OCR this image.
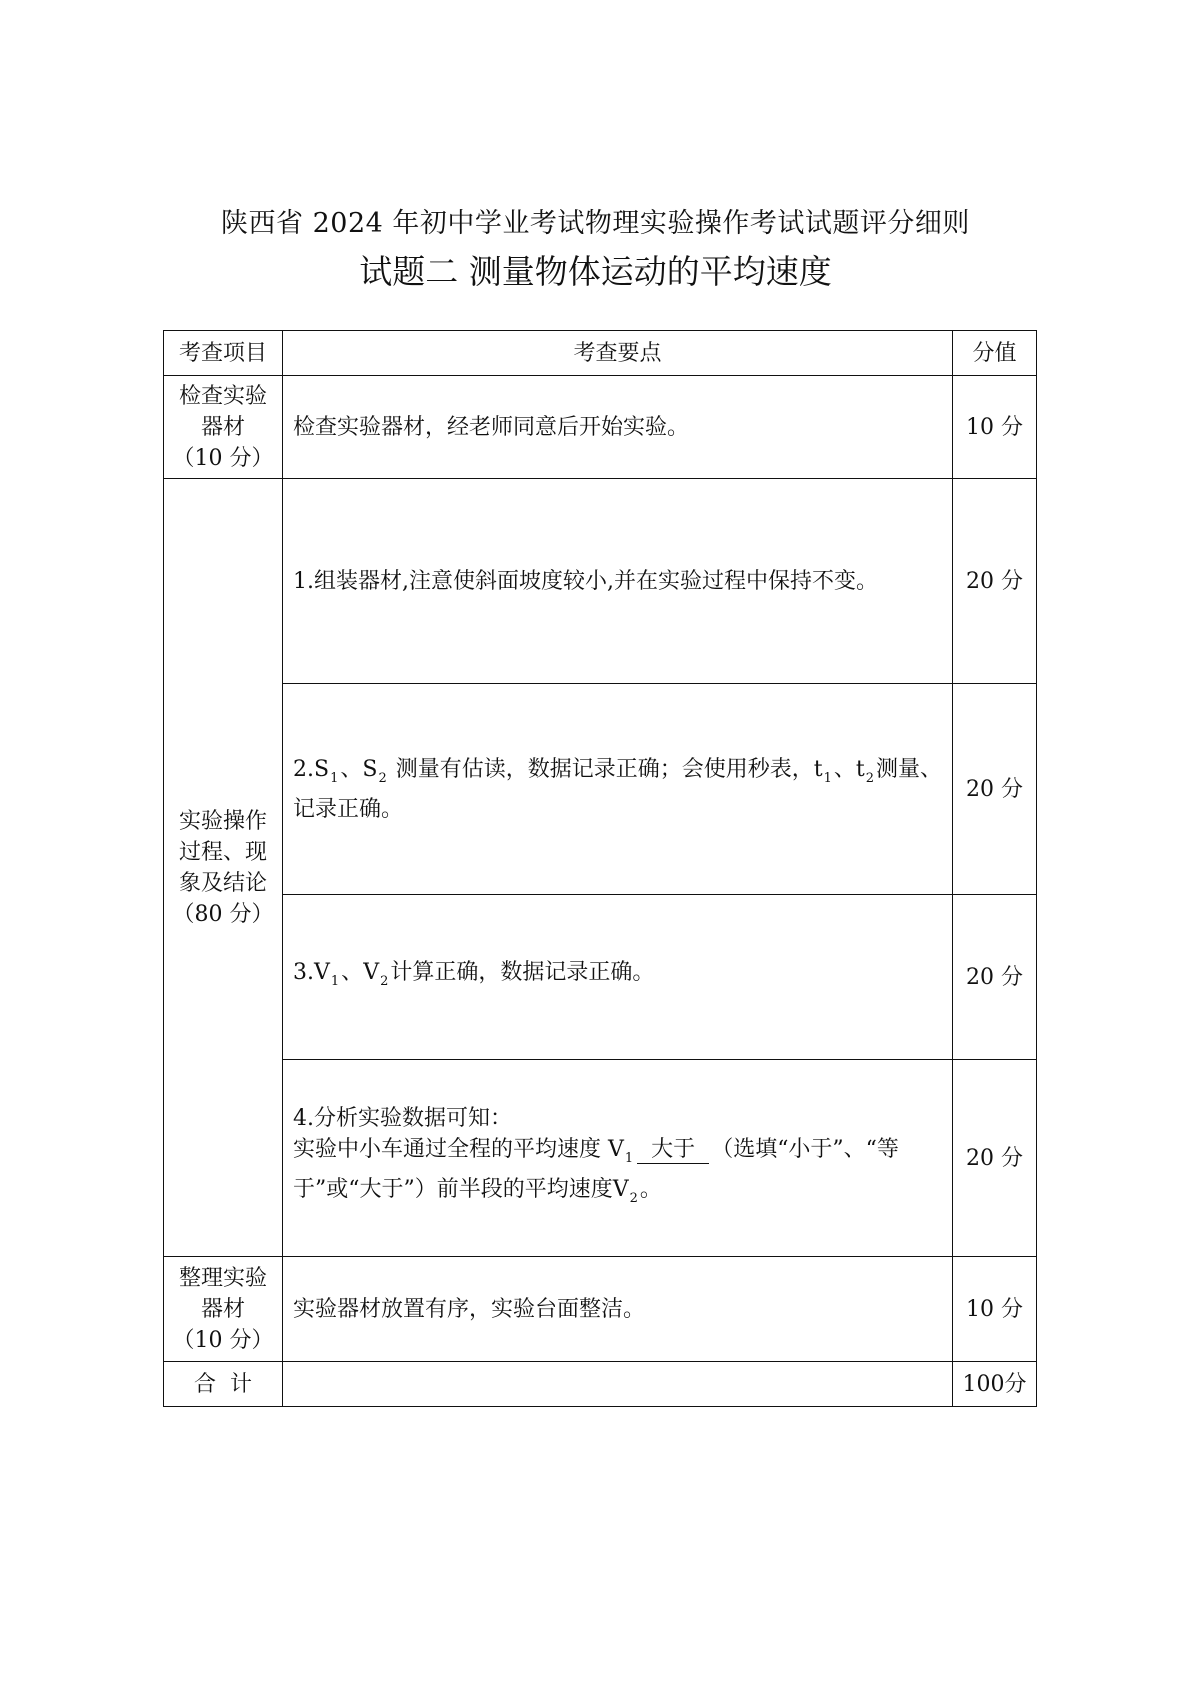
陕西省 2024 年初中学业考试物理实验操作考试试题评分细则
试题二 测量物体运动的平均速度
考查项目	考查要点	分值

检查实验
器材
（10 分）	检查实验器材，经老师同意后开始实验。	10 分

实验操作
过程、现
象及结论
（80 分）	1.组装器材,注意使斜面坡度较小,并在实验过程中保持不变。	20 分
	$2.S_1$、$S_2$ 测量有估读，数据记录正确；会使用秒表，$t_1$、$t_2$测量、记录正确。	20 分
	$3.V_1$、$V_2$计算正确，数据记录正确。	20 分

	4.分析实验数据可知：
实验中小车通过全程的平均速度 $V_1$ 大于 （选填“小于”、“等于”或“大于”）前半段的平均速度$V_2$。	20 分

整理实验
器材
（10 分）	实验器材放置有序，实验台面整洁。	10 分
合  计		100分
